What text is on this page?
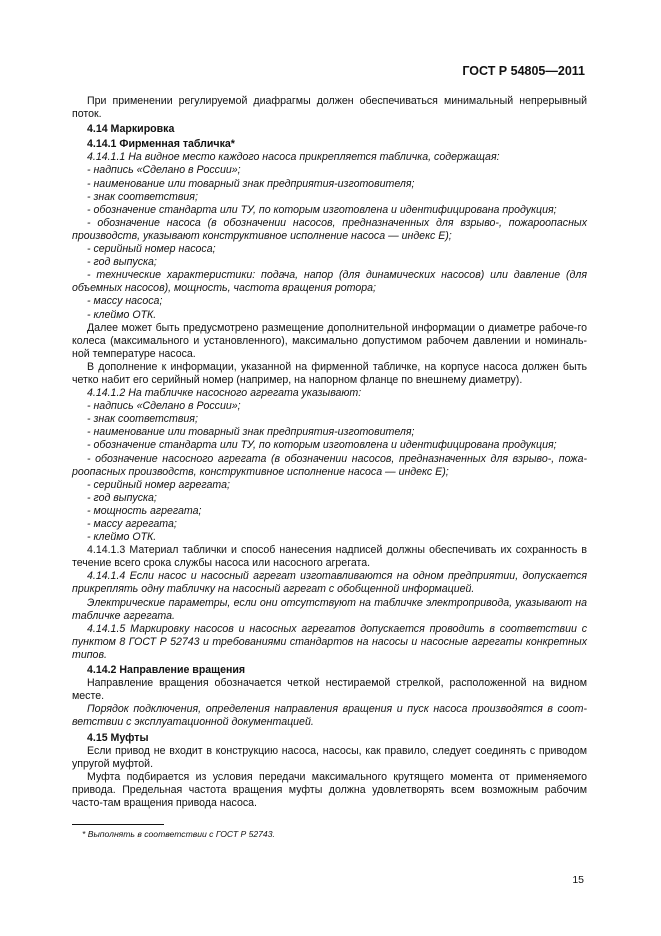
ГОСТ Р 54805—2011

При применении регулируемой диафрагмы должен обеспечиваться минимальный непрерывный поток.

4.14 Маркировка

4.14.1 Фирменная табличка*

4.14.1.1 На видное место каждого насоса прикрепляется табличка, содержащая:

- надпись «Сделано в России»;

- наименование или товарный знак предприятия-изготовителя;

- знак соответствия;

- обозначение стандарта или ТУ, по которым изготовлена и идентифицирована продукция;

- обозначение насоса (в обозначении насосов, предназначенных для взрыво-, пожароопасных производств, указывают конструктивное исполнение насоса — индекс Е);

- серийный номер насоса;

- год выпуска;

- технические характеристики: подача, напор (для динамических насосов) или давление (для объемных насосов), мощность, частота вращения ротора;

- массу насоса;

- клеймо ОТК.

Далее может быть предусмотрено размещение дополнительной информации о диаметре рабоче-го колеса (максимального и установленного), максимально допустимом рабочем давлении и номиналь-ной температуре насоса.

В дополнение к информации, указанной на фирменной табличке, на корпусе насоса должен быть четко набит его серийный номер (например, на напорном фланце по внешнему диаметру).

4.14.1.2 На табличке насосного агрегата указывают:

- надпись «Сделано в России»;

- знак соответствия;

- наименование или товарный знак предприятия-изготовителя;

- обозначение стандарта или ТУ, по которым изготовлена и идентифицирована продукция;

- обозначение насосного агрегата (в обозначении насосов, предназначенных для взрыво-, пожа-роопасных производств, конструктивное исполнение насоса — индекс Е);

- серийный номер агрегата;

- год выпуска;

- мощность агрегата;

- массу агрегата;

- клеймо ОТК.

4.14.1.3 Материал таблички и способ нанесения надписей должны обеспечивать их сохранность в течение всего срока службы насоса или насосного агрегата.

4.14.1.4 Если насос и насосный агрегат изготавливаются на одном предприятии, допускается прикреплять одну табличку на насосный агрегат с обобщенной информацией.

Электрические параметры, если они отсутствуют на табличке электропривода, указывают на табличке агрегата.

4.14.1.5 Маркировку насосов и насосных агрегатов допускается проводить в соответствии с пунктом 8 ГОСТ Р 52743 и требованиями стандартов на насосы и насосные агрегаты конкретных типов.

4.14.2 Направление вращения

Направление вращения обозначается четкой нестираемой стрелкой, расположенной на видном месте.

Порядок подключения, определения направления вращения и пуск насоса производятся в соот-ветствии с эксплуатационной документацией.

4.15 Муфты

Если привод не входит в конструкцию насоса, насосы, как правило, следует соединять с приводом упругой муфтой.

Муфта подбирается из условия передачи максимального крутящего момента от применяемого привода. Предельная частота вращения муфты должна удовлетворять всем возможным рабочим часто-там вращения привода насоса.

* Выполнять в соответствии с ГОСТ Р 52743.
15
